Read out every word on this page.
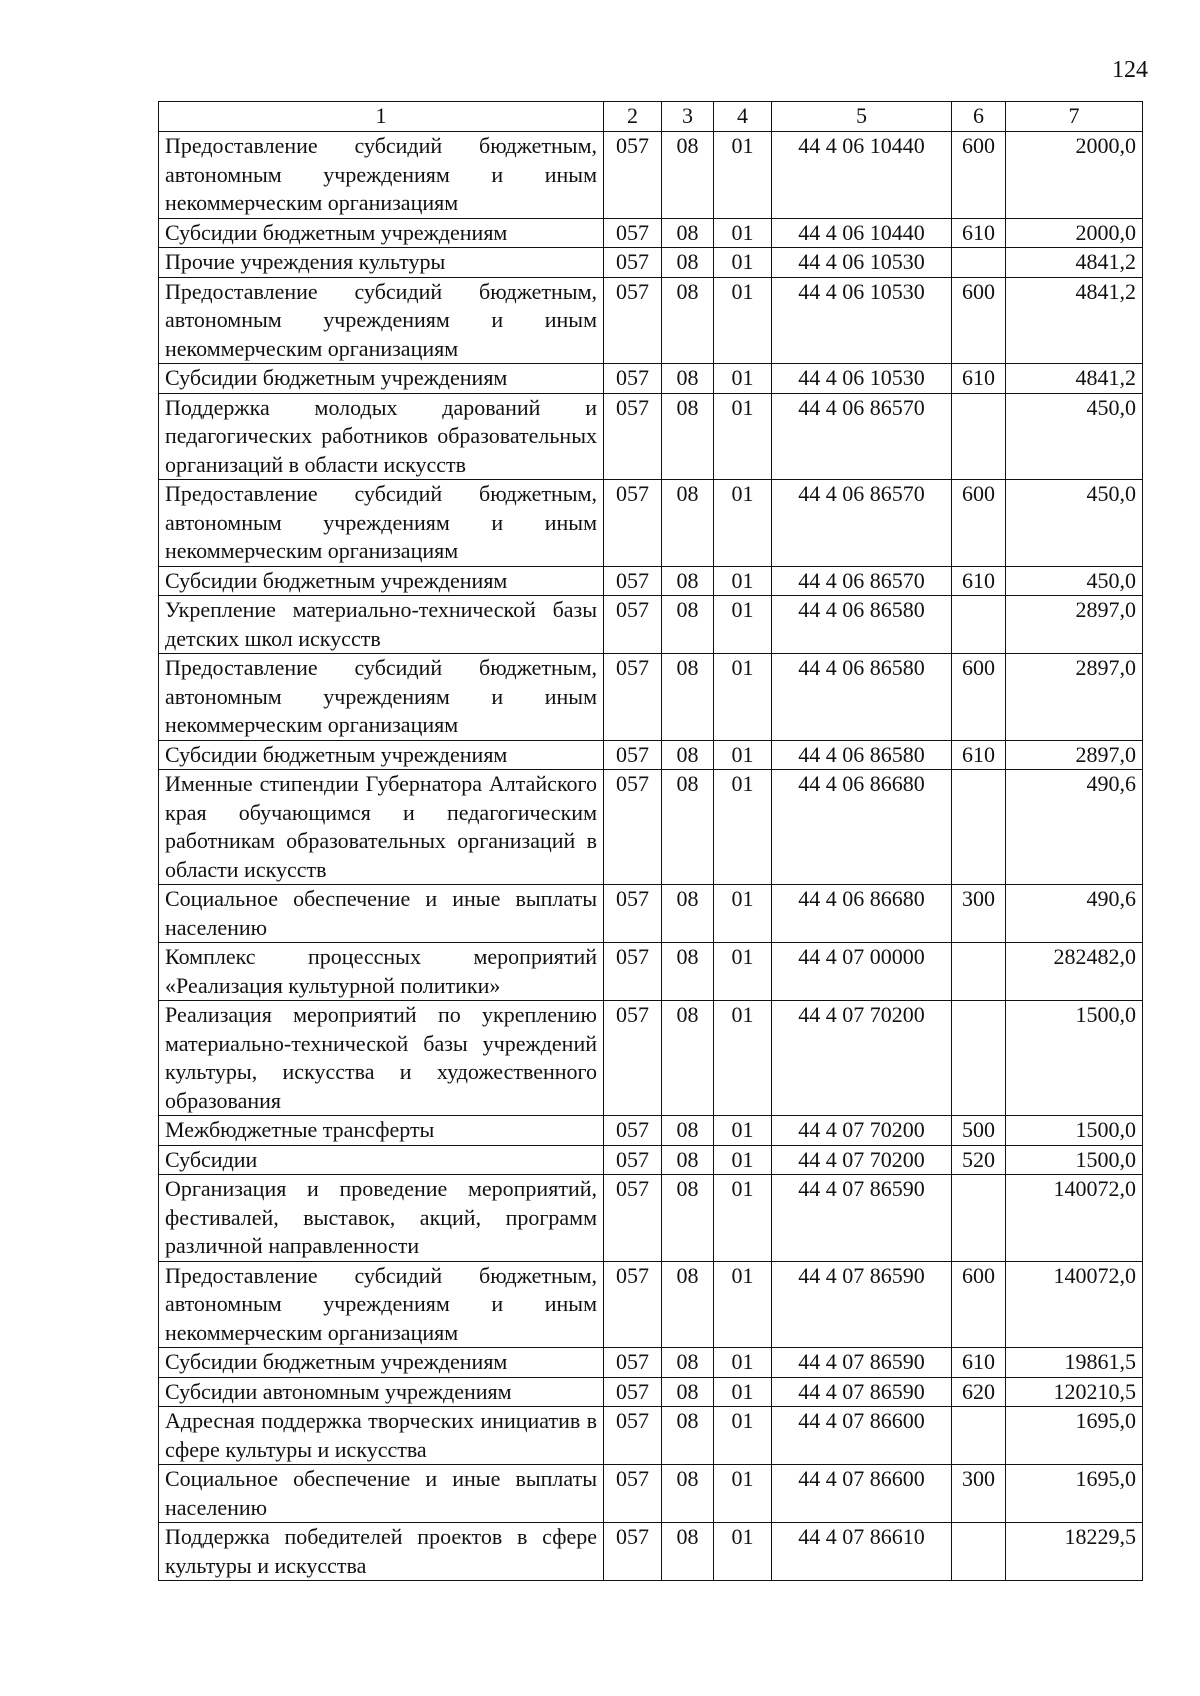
124
1	2	3	4	5	6	7
Предоставление субсидий бюджетным, автономным учреждениям и иным некоммерческим организациям	057	08	01	44 4 06 10440	600	2000,0
Субсидии бюджетным учреждениям	057	08	01	44 4 06 10440	610	2000,0
Прочие учреждения культуры	057	08	01	44 4 06 10530		4841,2
Предоставление субсидий бюджетным, автономным учреждениям и иным некоммерческим организациям	057	08	01	44 4 06 10530	600	4841,2
Субсидии бюджетным учреждениям	057	08	01	44 4 06 10530	610	4841,2
Поддержка молодых дарований и педагогических работников образовательных организаций в области искусств	057	08	01	44 4 06 86570		450,0
Предоставление субсидий бюджетным, автономным учреждениям и иным некоммерческим организациям	057	08	01	44 4 06 86570	600	450,0
Субсидии бюджетным учреждениям	057	08	01	44 4 06 86570	610	450,0
Укрепление материально-технической базы детских школ искусств	057	08	01	44 4 06 86580		2897,0
Предоставление субсидий бюджетным, автономным учреждениям и иным некоммерческим организациям	057	08	01	44 4 06 86580	600	2897,0
Субсидии бюджетным учреждениям	057	08	01	44 4 06 86580	610	2897,0
Именные стипендии Губернатора Алтайского края обучающимся и педагогическим работникам образовательных организаций в области искусств	057	08	01	44 4 06 86680		490,6
Социальное обеспечение и иные выплаты населению	057	08	01	44 4 06 86680	300	490,6
Комплекс процессных мероприятий «Реализация культурной политики»	057	08	01	44 4 07 00000		282482,0
Реализация мероприятий по укреплению материально-технической базы учреждений культуры, искусства и художественного образования	057	08	01	44 4 07 70200		1500,0
Межбюджетные трансферты	057	08	01	44 4 07 70200	500	1500,0
Субсидии	057	08	01	44 4 07 70200	520	1500,0
Организация и проведение мероприятий, фестивалей, выставок, акций, программ различной направленности	057	08	01	44 4 07 86590		140072,0
Предоставление субсидий бюджетным, автономным учреждениям и иным некоммерческим организациям	057	08	01	44 4 07 86590	600	140072,0
Субсидии бюджетным учреждениям	057	08	01	44 4 07 86590	610	19861,5
Субсидии автономным учреждениям	057	08	01	44 4 07 86590	620	120210,5
Адресная поддержка творческих инициатив в сфере культуры и искусства	057	08	01	44 4 07 86600		1695,0
Социальное обеспечение и иные выплаты населению	057	08	01	44 4 07 86600	300	1695,0
Поддержка победителей проектов в сфере культуры и искусства	057	08	01	44 4 07 86610		18229,5
